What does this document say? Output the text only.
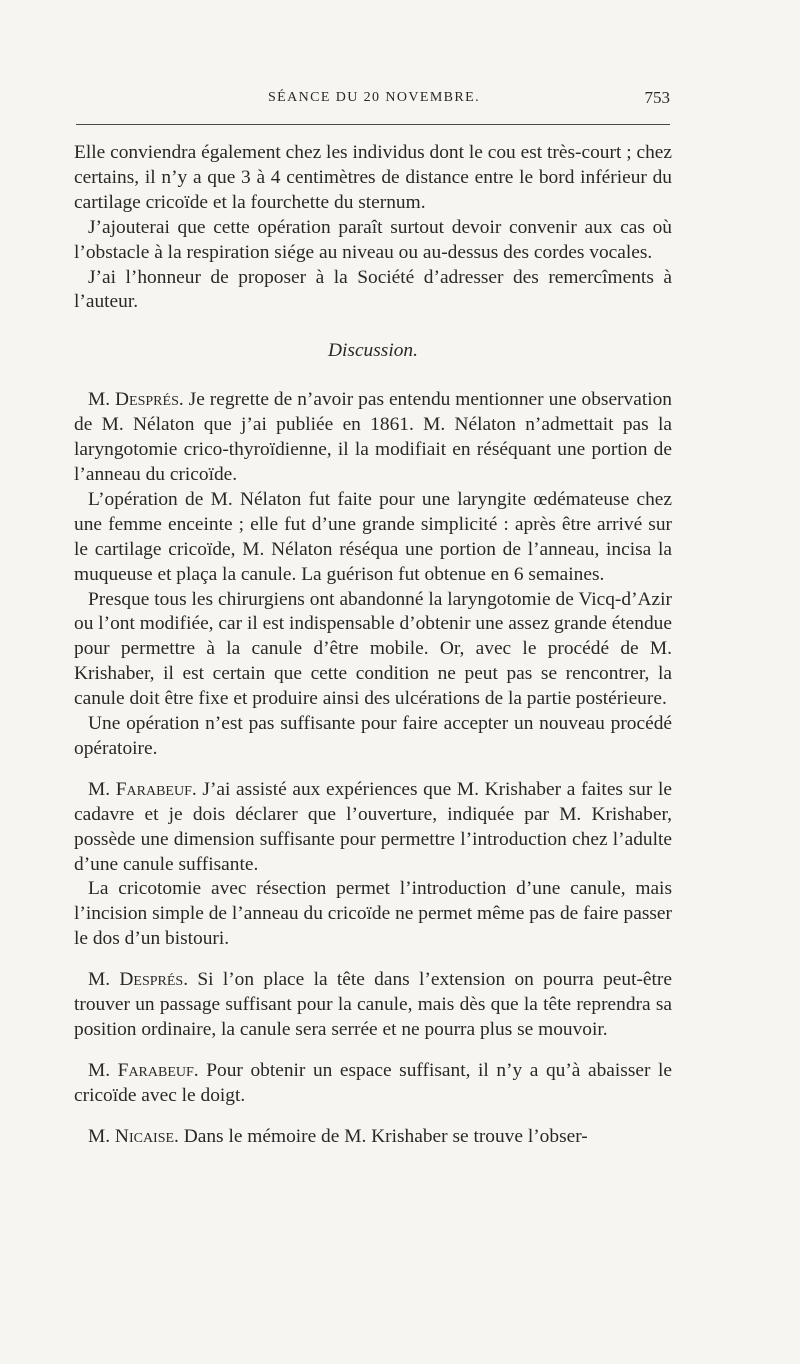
SÉANCE DU 20 NOVEMBRE.	753

Elle conviendra également chez les individus dont le cou est très-court ; chez certains, il n’y a que 3 à 4 centimètres de distance entre le bord inférieur du cartilage cricoïde et la fourchette du sternum.

J’ajouterai que cette opération paraît surtout devoir convenir aux cas où l’obstacle à la respiration siége au niveau ou au-dessus des cordes vocales.

J’ai l’honneur de proposer à la Société d’adresser des remercîments à l’auteur.

Discussion.

M. Després. Je regrette de n’avoir pas entendu mentionner une observation de M. Nélaton que j’ai publiée en 1861. M. Nélaton n’admettait pas la laryngotomie crico-thyroïdienne, il la modifiait en réséquant une portion de l’anneau du cricoïde.

L’opération de M. Nélaton fut faite pour une laryngite œdémateuse chez une femme enceinte ; elle fut d’une grande simplicité : après être arrivé sur le cartilage cricoïde, M. Nélaton réséqua une portion de l’anneau, incisa la muqueuse et plaça la canule. La guérison fut obtenue en 6 semaines.

Presque tous les chirurgiens ont abandonné la laryngotomie de Vicq-d’Azir ou l’ont modifiée, car il est indispensable d’obtenir une assez grande étendue pour permettre à la canule d’être mobile. Or, avec le procédé de M. Krishaber, il est certain que cette condition ne peut pas se rencontrer, la canule doit être fixe et produire ainsi des ulcérations de la partie postérieure.

Une opération n’est pas suffisante pour faire accepter un nouveau procédé opératoire.

M. Farabeuf. J’ai assisté aux expériences que M. Krishaber a faites sur le cadavre et je dois déclarer que l’ouverture, indiquée par M. Krishaber, possède une dimension suffisante pour permettre l’introduction chez l’adulte d’une canule suffisante.

La cricotomie avec résection permet l’introduction d’une canule, mais l’incision simple de l’anneau du cricoïde ne permet même pas de faire passer le dos d’un bistouri.

M. Després. Si l’on place la tête dans l’extension on pourra peut-être trouver un passage suffisant pour la canule, mais dès que la tête reprendra sa position ordinaire, la canule sera serrée et ne pourra plus se mouvoir.

M. Farabeuf. Pour obtenir un espace suffisant, il n’y a qu’à abaisser le cricoïde avec le doigt.

M. Nicaise. Dans le mémoire de M. Krishaber se trouve l’obser-
